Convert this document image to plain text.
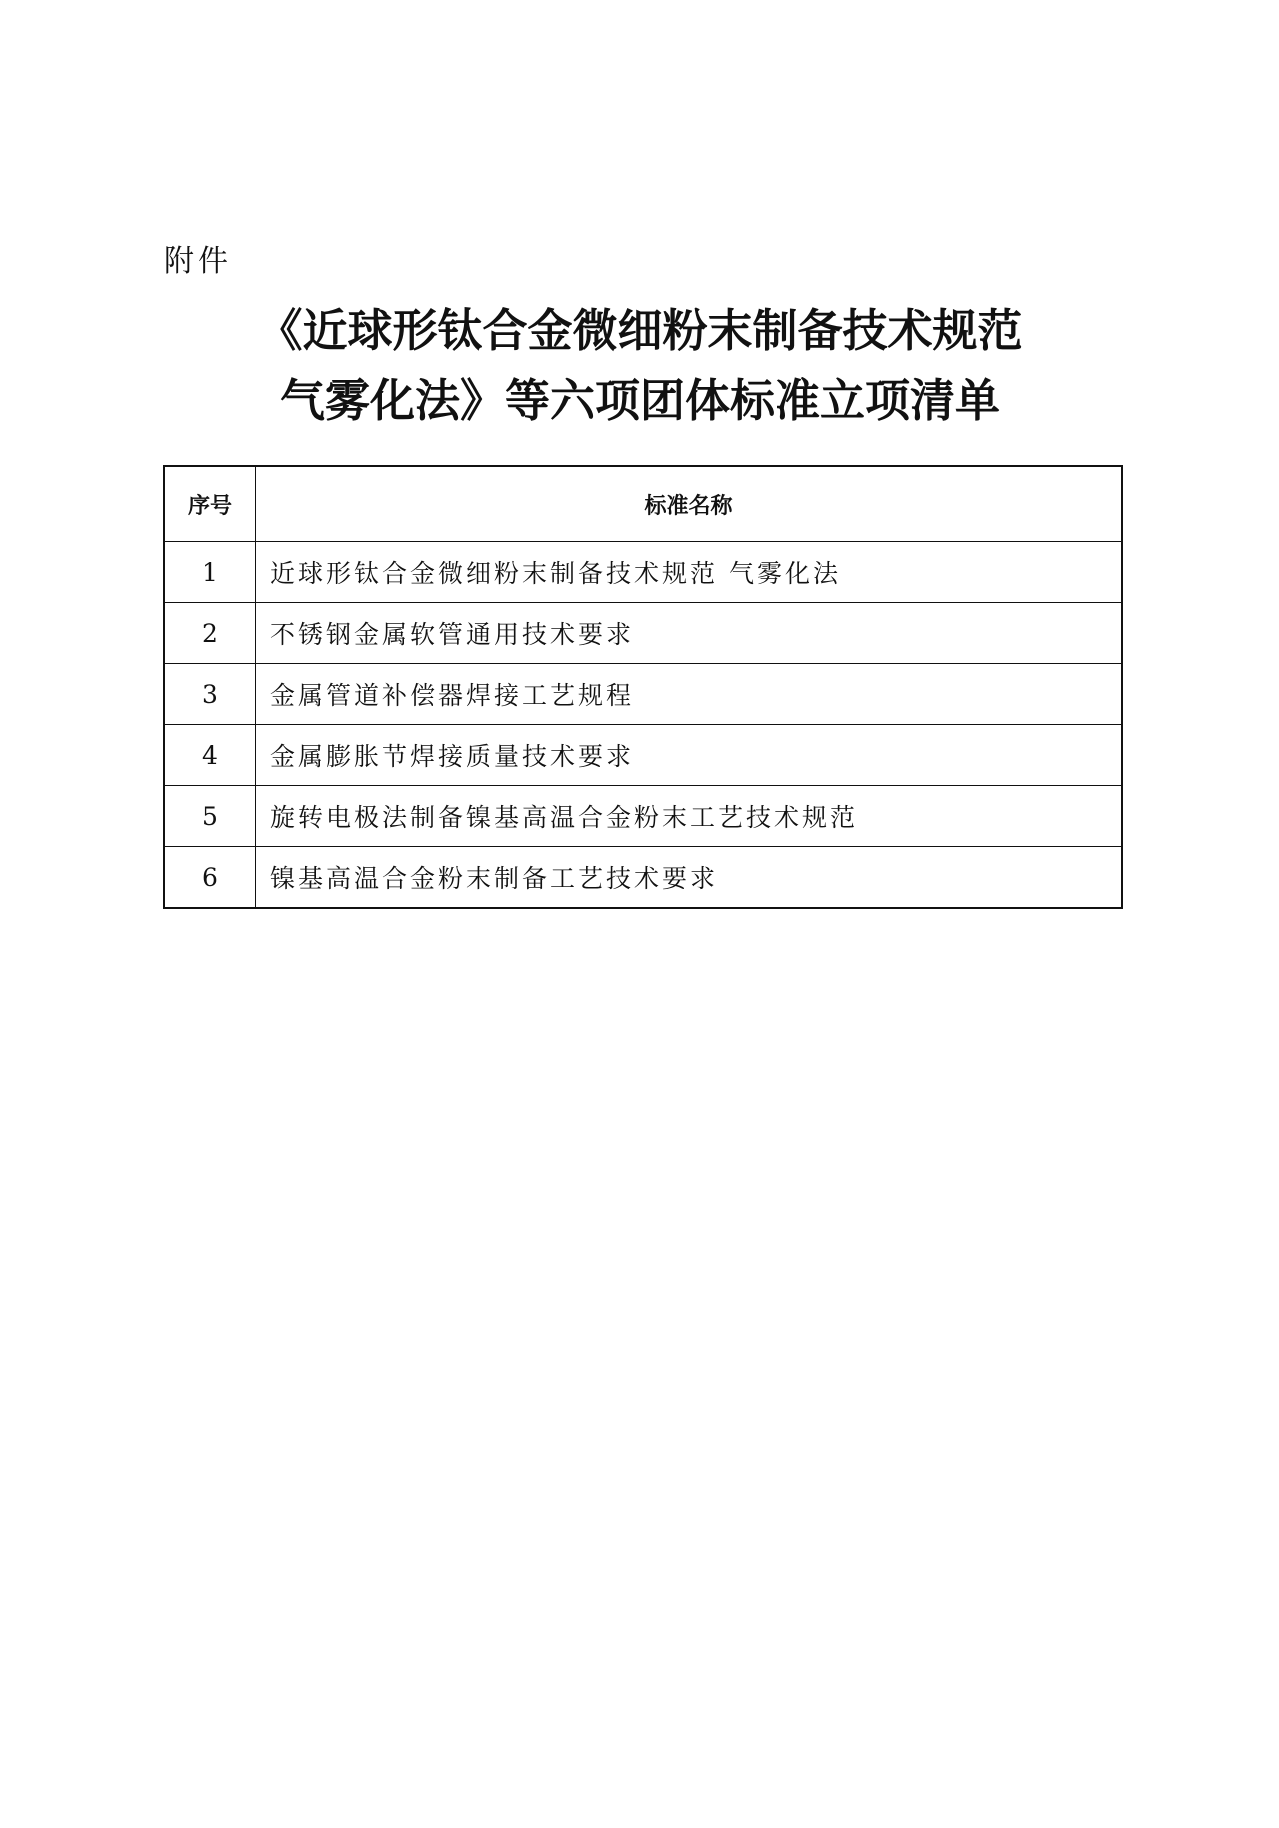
附件
《近球形钛合金微细粉末制备技术规范
气雾化法》等六项团体标准立项清单
序号	标准名称
1	近球形钛合金微细粉末制备技术规范 气雾化法
2	不锈钢金属软管通用技术要求
3	金属管道补偿器焊接工艺规程
4	金属膨胀节焊接质量技术要求
5	旋转电极法制备镍基高温合金粉末工艺技术规范
6	镍基高温合金粉末制备工艺技术要求
